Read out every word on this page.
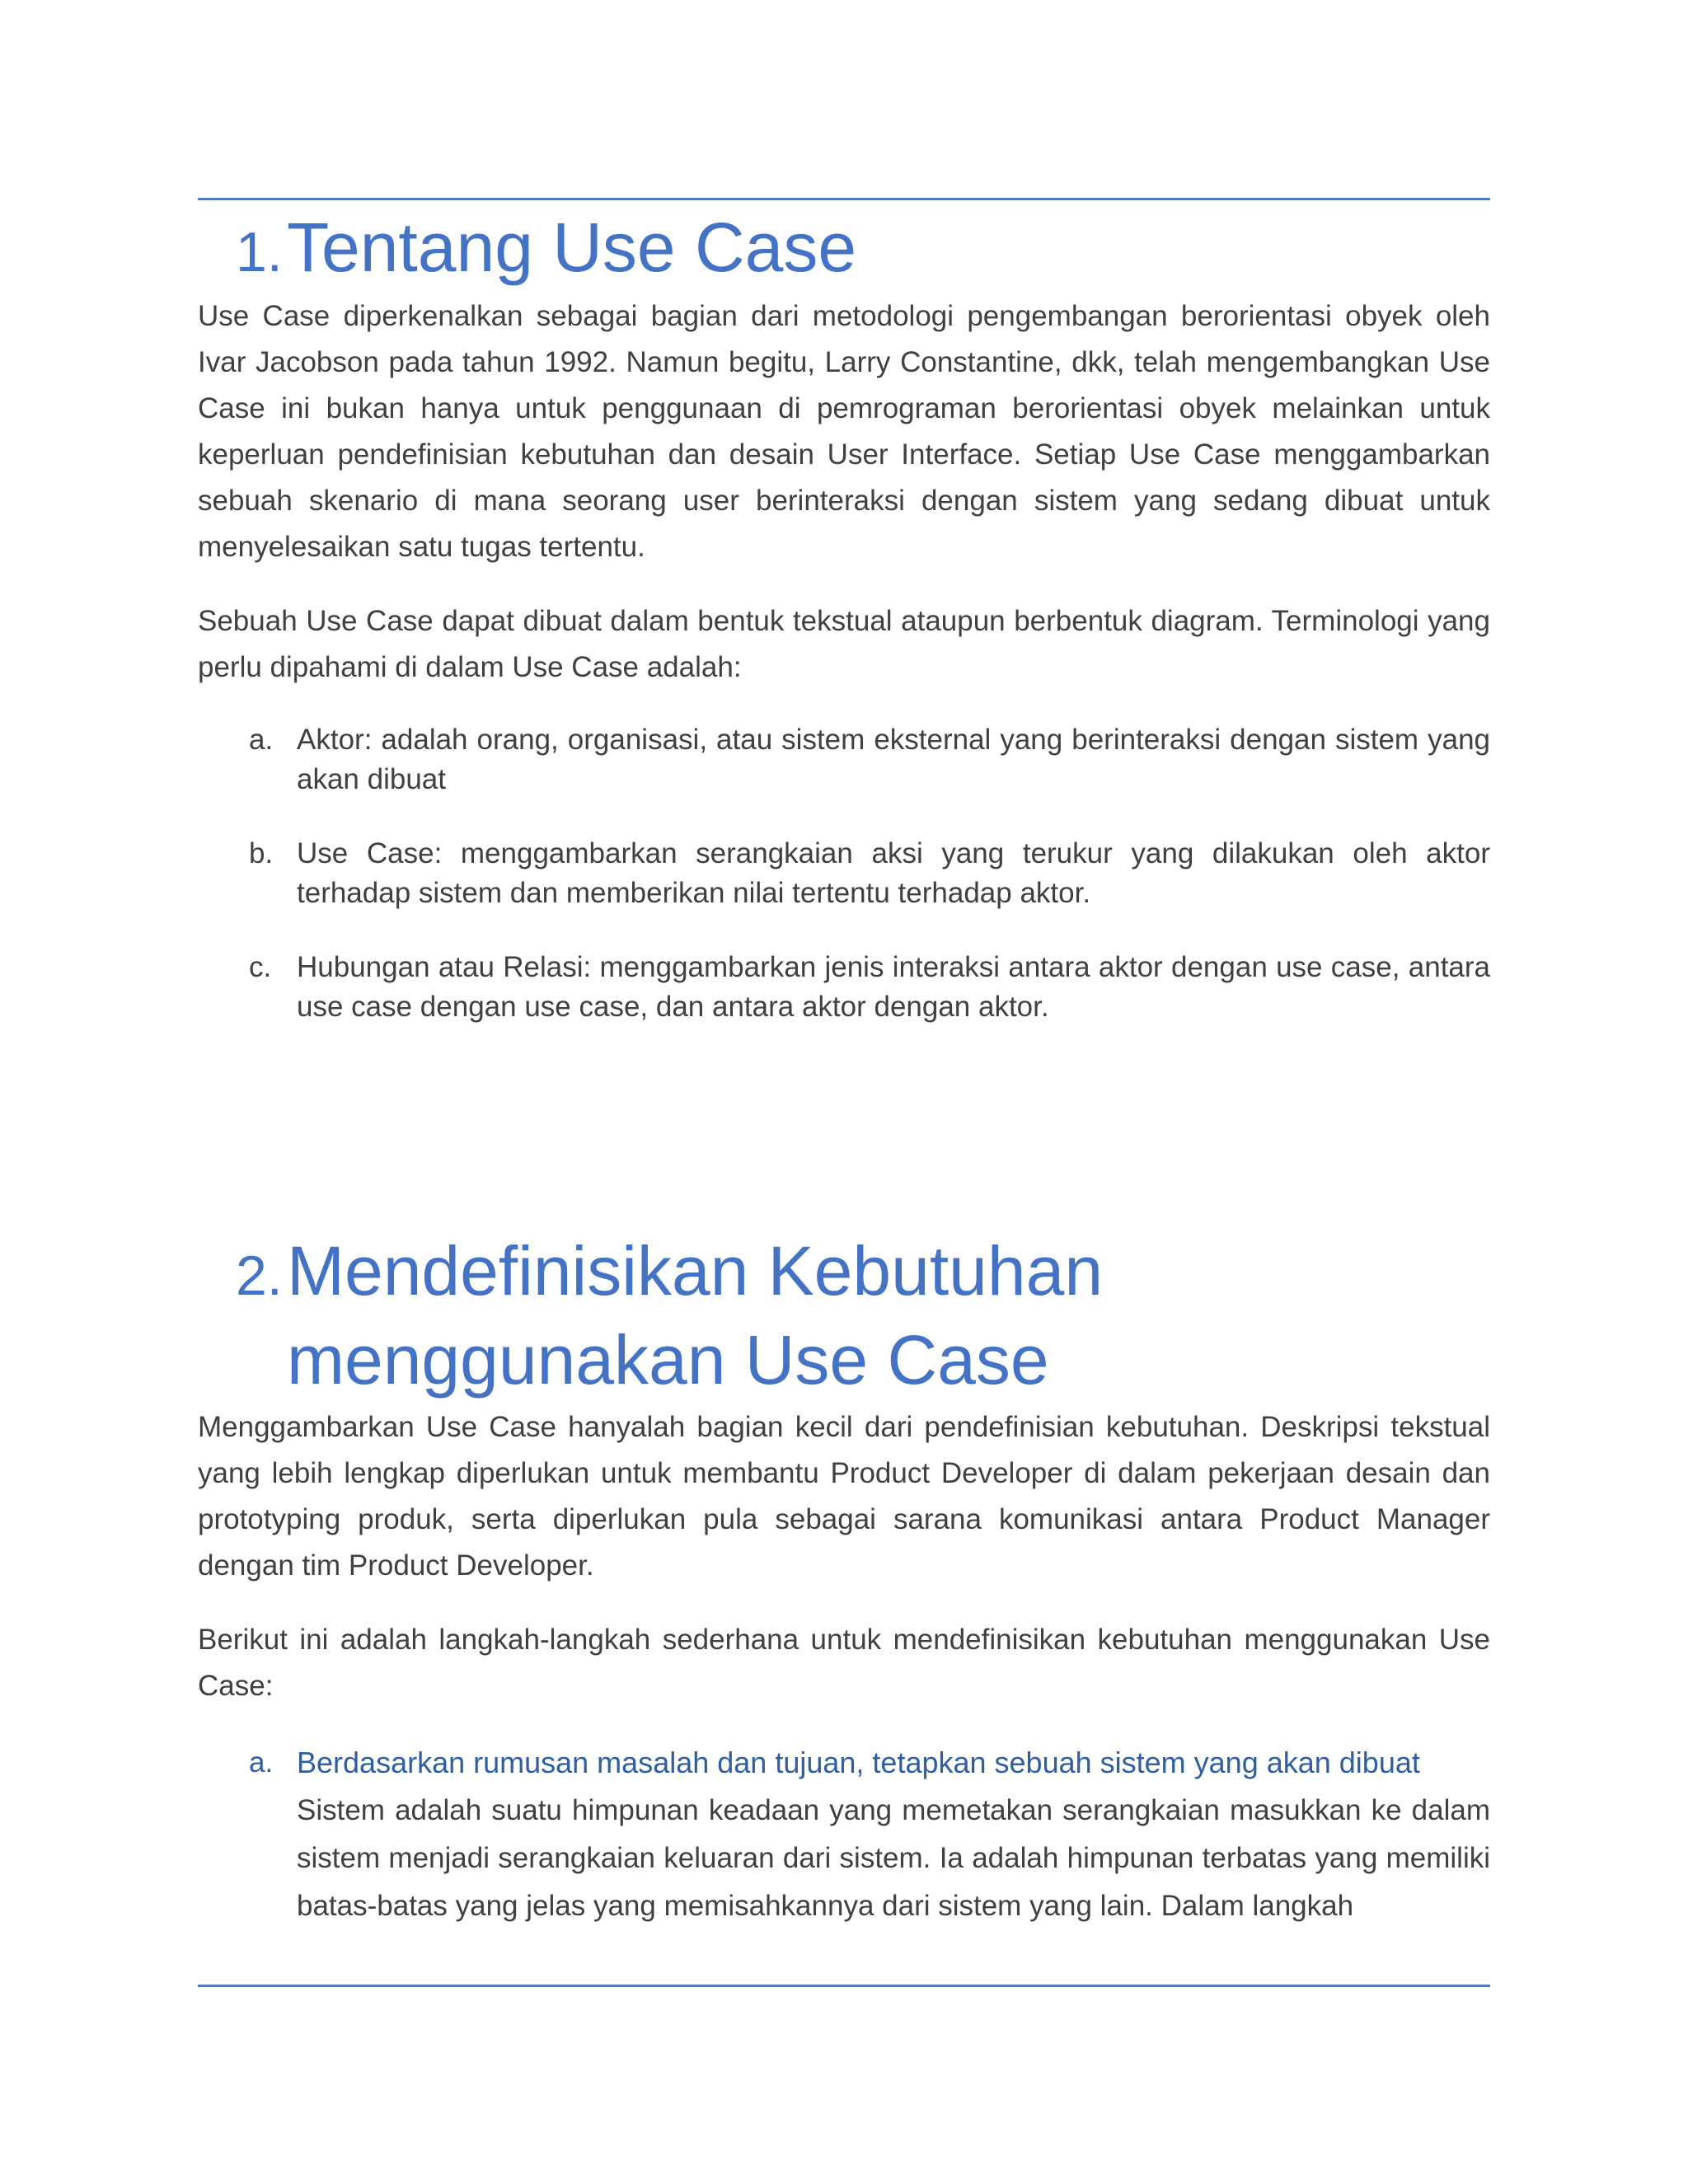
1. Tentang Use Case

Use Case diperkenalkan sebagai bagian dari metodologi pengembangan berorientasi obyek oleh Ivar Jacobson pada tahun 1992. Namun begitu, Larry Constantine, dkk, telah mengembangkan Use Case ini bukan hanya untuk penggunaan di pemrograman berorientasi obyek melainkan untuk keperluan pendefinisian kebutuhan dan desain User Interface. Setiap Use Case menggambarkan sebuah skenario di mana seorang user berinteraksi dengan sistem yang sedang dibuat untuk menyelesaikan satu tugas tertentu.

Sebuah Use Case dapat dibuat dalam bentuk tekstual ataupun berbentuk diagram. Terminologi yang perlu dipahami di dalam Use Case adalah:

a. Aktor: adalah orang, organisasi, atau sistem eksternal yang berinteraksi dengan sistem yang akan dibuat
b. Use Case: menggambarkan serangkaian aksi yang terukur yang dilakukan oleh aktor terhadap sistem dan memberikan nilai tertentu terhadap aktor.
c. Hubungan atau Relasi: menggambarkan jenis interaksi antara aktor dengan use case, antara use case dengan use case, dan antara aktor dengan aktor.
2. Mendefinisikan Kebutuhan menggunakan Use Case

Menggambarkan Use Case hanyalah bagian kecil dari pendefinisian kebutuhan. Deskripsi tekstual yang lebih lengkap diperlukan untuk membantu Product Developer di dalam pekerjaan desain dan prototyping produk, serta diperlukan pula sebagai sarana komunikasi antara Product Manager dengan tim Product Developer.

Berikut ini adalah langkah-langkah sederhana untuk mendefinisikan kebutuhan menggunakan Use Case:

a. Berdasarkan rumusan masalah dan tujuan, tetapkan sebuah sistem yang akan dibuat
Sistem adalah suatu himpunan keadaan yang memetakan serangkaian masukkan ke dalam sistem menjadi serangkaian keluaran dari sistem. Ia adalah himpunan terbatas yang memiliki batas-batas yang jelas yang memisahkannya dari sistem yang lain. Dalam langkah
